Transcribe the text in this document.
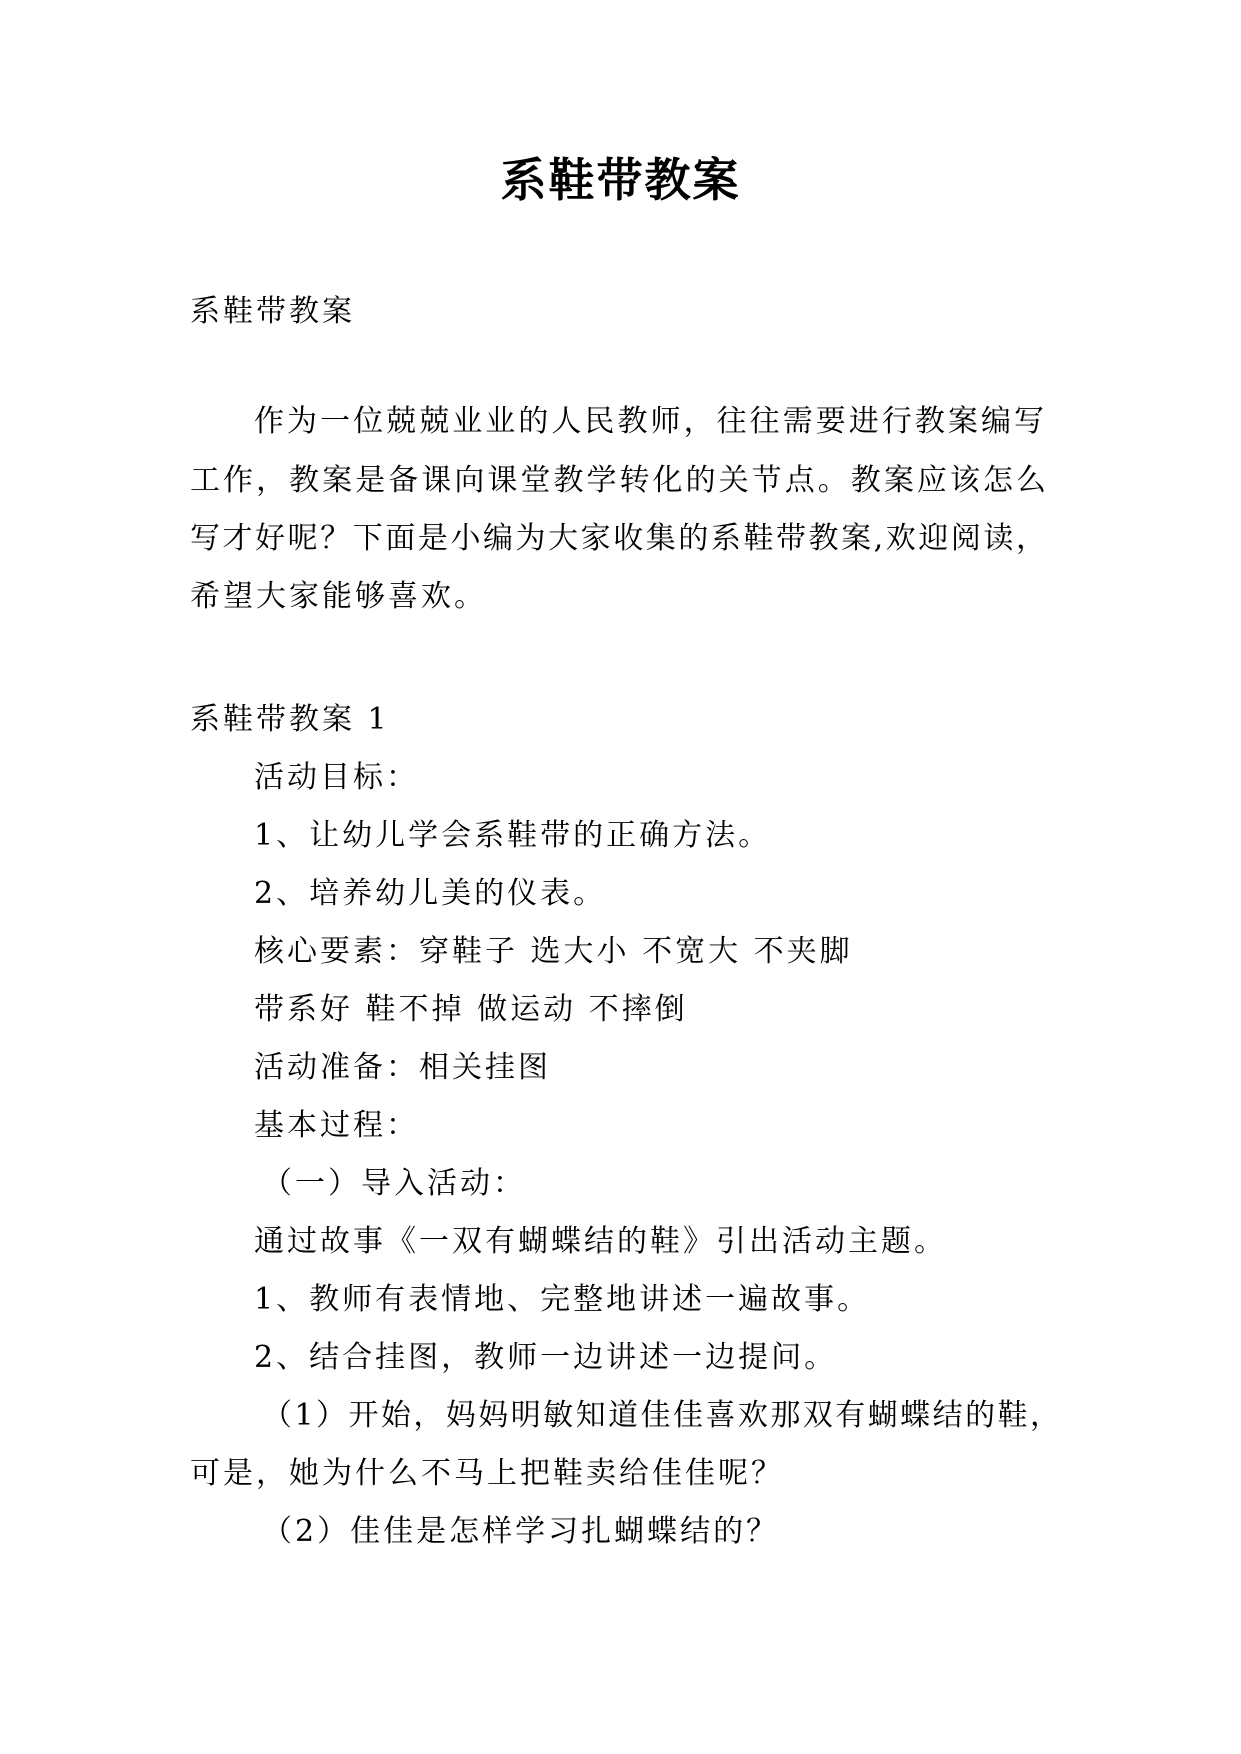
系鞋带教案
系鞋带教案
作为一位兢兢业业的人民教师，往往需要进行教案编写
工作，教案是备课向课堂教学转化的关节点。教案应该怎么
写才好呢？下面是小编为大家收集的系鞋带教案,欢迎阅读，
希望大家能够喜欢。
系鞋带教案 1
活动目标：
1、让幼儿学会系鞋带的正确方法。
2、培养幼儿美的仪表。
核心要素：穿鞋子 选大小 不宽大 不夹脚
带系好 鞋不掉 做运动 不摔倒
活动准备：相关挂图
基本过程：
（一）导入活动：
通过故事《一双有蝴蝶结的鞋》引出活动主题。
1、教师有表情地、完整地讲述一遍故事。
2、结合挂图，教师一边讲述一边提问。
（1）开始，妈妈明敏知道佳佳喜欢那双有蝴蝶结的鞋，
可是，她为什么不马上把鞋卖给佳佳呢？
（2）佳佳是怎样学习扎蝴蝶结的？
